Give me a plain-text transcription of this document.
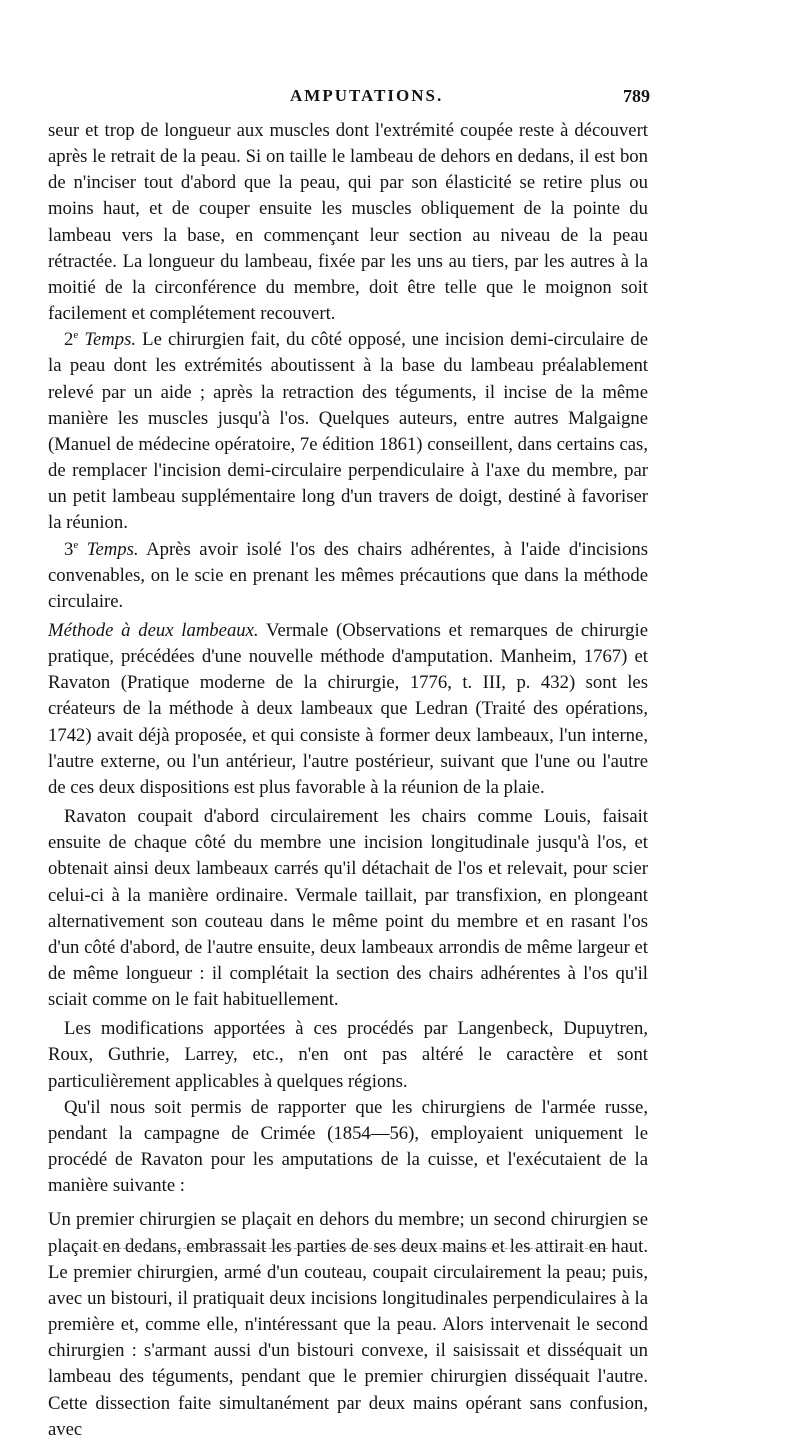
AMPUTATIONS.	789

seur et trop de longueur aux muscles dont l'extrémité coupée reste à découvert après le retrait de la peau. Si on taille le lambeau de dehors en dedans, il est bon de n'inciser tout d'abord que la peau, qui par son élasticité se retire plus ou moins haut, et de couper ensuite les muscles obliquement de la pointe du lambeau vers la base, en commençant leur section au niveau de la peau rétractée. La longueur du lambeau, fixée par les uns au tiers, par les autres à la moitié de la circonférence du membre, doit être telle que le moignon soit facilement et complétement recouvert.

2e Temps. Le chirurgien fait, du côté opposé, une incision demi-circulaire de la peau dont les extrémités aboutissent à la base du lambeau préalablement relevé par un aide ; après la retraction des téguments, il incise de la même manière les muscles jusqu'à l'os. Quelques auteurs, entre autres Malgaigne (Manuel de médecine opératoire, 7e édition 1861) conseillent, dans certains cas, de remplacer l'incision demi-circulaire perpendiculaire à l'axe du membre, par un petit lambeau supplémentaire long d'un travers de doigt, destiné à favoriser la réunion.

3e Temps. Après avoir isolé l'os des chairs adhérentes, à l'aide d'incisions convenables, on le scie en prenant les mêmes précautions que dans la méthode circulaire.

Méthode à deux lambeaux. Vermale (Observations et remarques de chirurgie pratique, précédées d'une nouvelle méthode d'amputation. Manheim, 1767) et Ravaton (Pratique moderne de la chirurgie, 1776, t. III, p. 432) sont les créateurs de la méthode à deux lambeaux que Ledran (Traité des opérations, 1742) avait déjà proposée, et qui consiste à former deux lambeaux, l'un interne, l'autre externe, ou l'un antérieur, l'autre postérieur, suivant que l'une ou l'autre de ces deux dispositions est plus favorable à la réunion de la plaie.

Ravaton coupait d'abord circulairement les chairs comme Louis, faisait ensuite de chaque côté du membre une incision longitudinale jusqu'à l'os, et obtenait ainsi deux lambeaux carrés qu'il détachait de l'os et relevait, pour scier celui-ci à la manière ordinaire. Vermale taillait, par transfixion, en plongeant alternativement son couteau dans le même point du membre et en rasant l'os d'un côté d'abord, de l'autre ensuite, deux lambeaux arrondis de même largeur et de même longueur : il complétait la section des chairs adhérentes à l'os qu'il sciait comme on le fait habituellement.

Les modifications apportées à ces procédés par Langenbeck, Dupuytren, Roux, Guthrie, Larrey, etc., n'en ont pas altéré le caractère et sont particulièrement applicables à quelques régions.

Qu'il nous soit permis de rapporter que les chirurgiens de l'armée russe, pendant la campagne de Crimée (1854—56), employaient uniquement le procédé de Ravaton pour les amputations de la cuisse, et l'exécutaient de la manière suivante :

Un premier chirurgien se plaçait en dehors du membre; un second chirurgien se plaçait en dedans, embrassait les parties de ses deux mains et les attirait en haut. Le premier chirurgien, armé d'un couteau, coupait circulairement la peau; puis, avec un bistouri, il pratiquait deux incisions longitudinales perpendiculaires à la première et, comme elle, n'intéressant que la peau. Alors intervenait le second chirurgien : s'armant aussi d'un bistouri convexe, il saisissait et disséquait un lambeau des téguments, pendant que le premier chirurgien disséquait l'autre. Cette dissection faite simultanément par deux mains opérant sans confusion, avec
